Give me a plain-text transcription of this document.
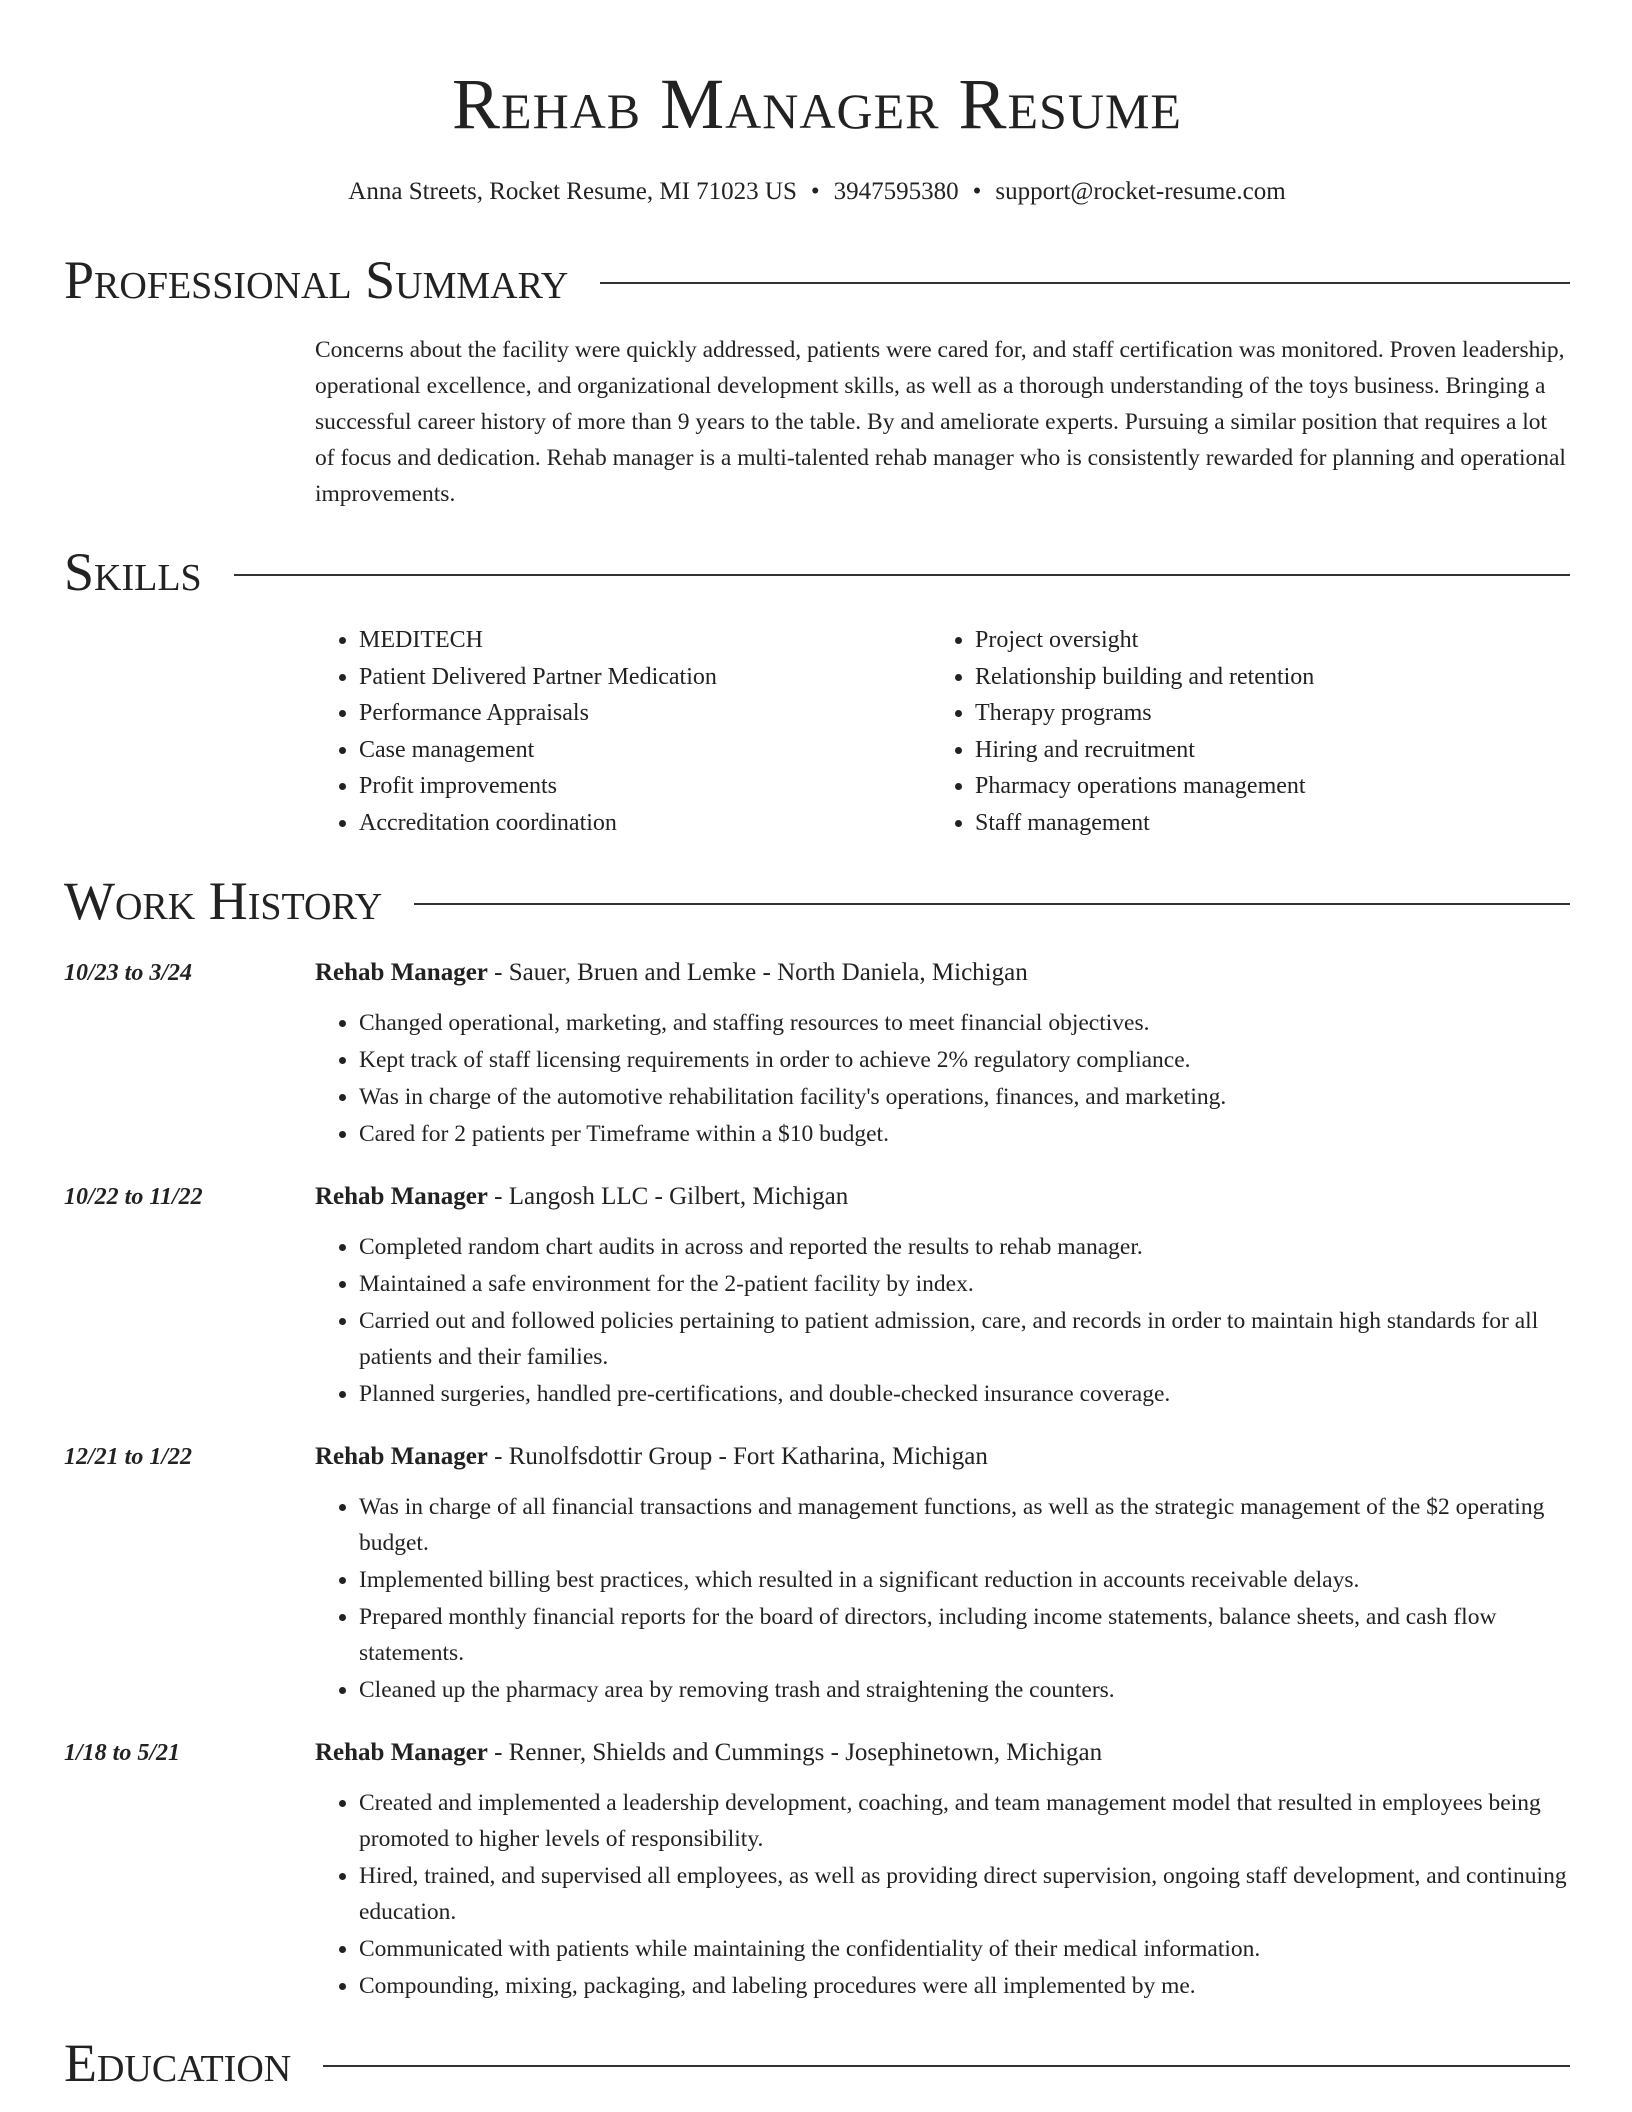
Rehab Manager Resume
Anna Streets, Rocket Resume, MI 71023 US • 3947595380 • support@rocket-resume.com
Professional Summary
Concerns about the facility were quickly addressed, patients were cared for, and staff certification was monitored. Proven leadership, operational excellence, and organizational development skills, as well as a thorough understanding of the toys business. Bringing a successful career history of more than 9 years to the table. By and ameliorate experts. Pursuing a similar position that requires a lot of focus and dedication. Rehab manager is a multi-talented rehab manager who is consistently rewarded for planning and operational improvements.
Skills
• MEDITECH
• Patient Delivered Partner Medication
• Performance Appraisals
• Case management
• Profit improvements
• Accreditation coordination
• Project oversight
• Relationship building and retention
• Therapy programs
• Hiring and recruitment
• Pharmacy operations management
• Staff management
Work History
10/23 to 3/24	Rehab Manager - Sauer, Bruen and Lemke - North Daniela, Michigan
• Changed operational, marketing, and staffing resources to meet financial objectives.
• Kept track of staff licensing requirements in order to achieve 2% regulatory compliance.
• Was in charge of the automotive rehabilitation facility's operations, finances, and marketing.
• Cared for 2 patients per Timeframe within a $10 budget.
10/22 to 11/22	Rehab Manager - Langosh LLC - Gilbert, Michigan
• Completed random chart audits in across and reported the results to rehab manager.
• Maintained a safe environment for the 2-patient facility by index.
• Carried out and followed policies pertaining to patient admission, care, and records in order to maintain high standards for all patients and their families.
• Planned surgeries, handled pre-certifications, and double-checked insurance coverage.
12/21 to 1/22	Rehab Manager - Runolfsdottir Group - Fort Katharina, Michigan
• Was in charge of all financial transactions and management functions, as well as the strategic management of the $2 operating budget.
• Implemented billing best practices, which resulted in a significant reduction in accounts receivable delays.
• Prepared monthly financial reports for the board of directors, including income statements, balance sheets, and cash flow statements.
• Cleaned up the pharmacy area by removing trash and straightening the counters.
1/18 to 5/21	Rehab Manager - Renner, Shields and Cummings - Josephinetown, Michigan
• Created and implemented a leadership development, coaching, and team management model that resulted in employees being promoted to higher levels of responsibility.
• Hired, trained, and supervised all employees, as well as providing direct supervision, ongoing staff development, and continuing education.
• Communicated with patients while maintaining the confidentiality of their medical information.
• Compounding, mixing, packaging, and labeling procedures were all implemented by me.
Education
